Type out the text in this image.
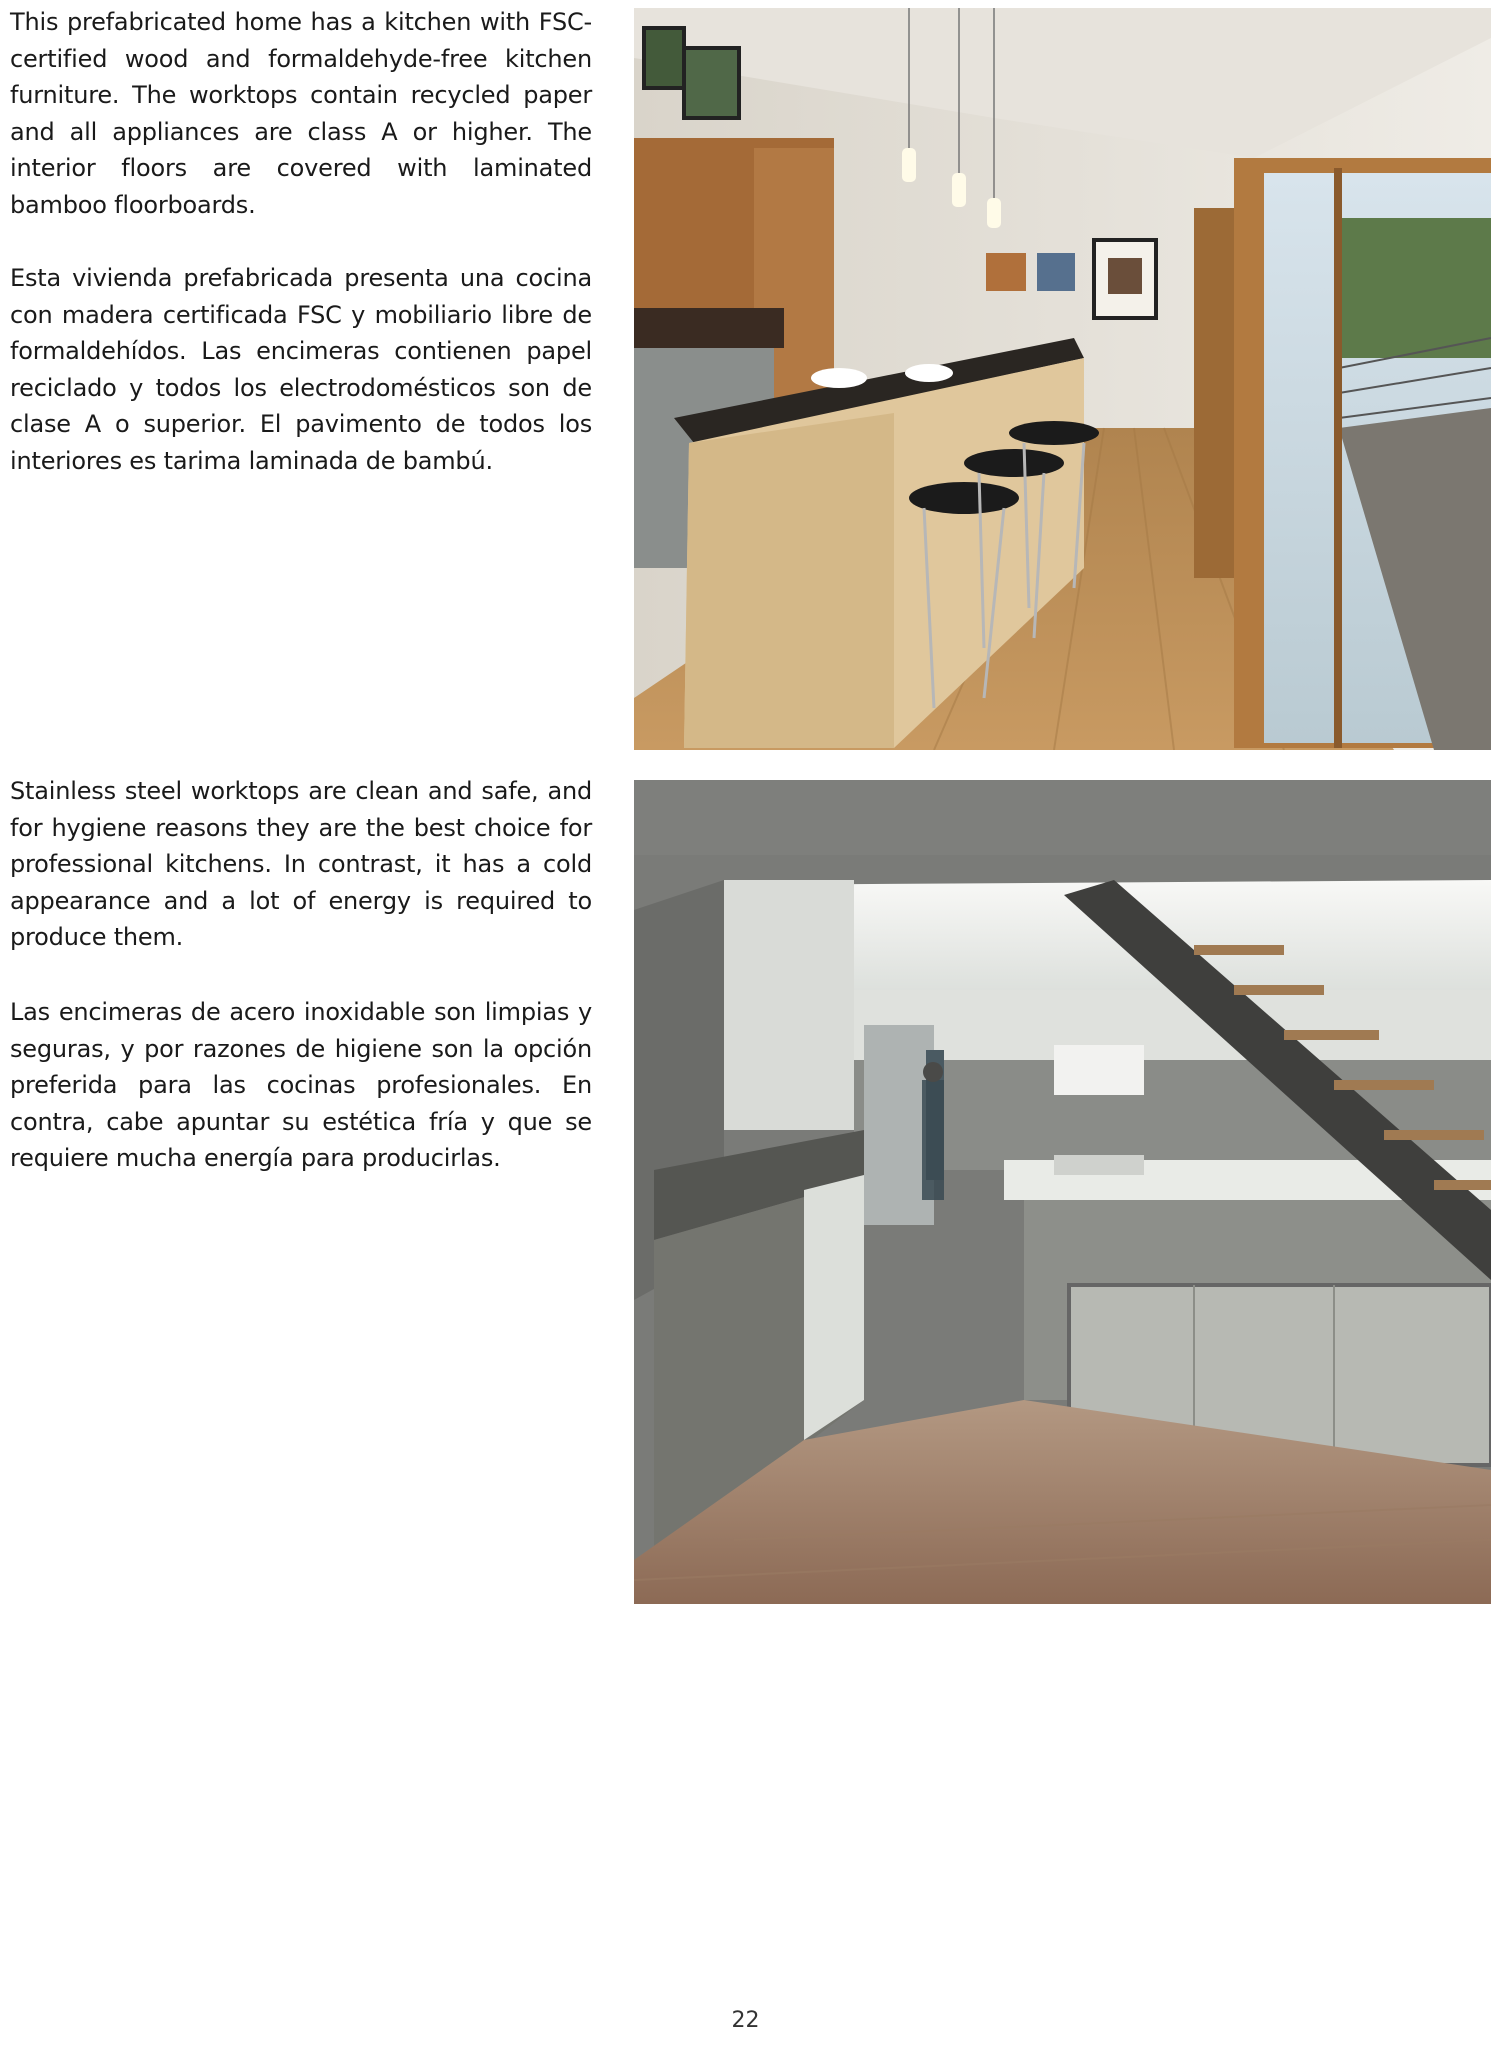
This prefabricated home has a kitchen with FSC-certified wood and formaldehyde-free kitchen furniture. The worktops contain recycled paper and all appliances are class A or higher. The interior floors are covered with laminated bamboo floorboards.

Esta vivienda prefabricada presenta una cocina con madera certificada FSC y mobiliario libre de formaldehídos. Las encimeras contienen papel reciclado y todos los electrodomésticos son de clase A o superior. El pavimento de todos los interiores es tarima laminada de bambú.

Stainless steel worktops are clean and safe, and for hygiene reasons they are the best choice for professional kitchens. In contrast, it has a cold appearance and a lot of energy is required to produce them.

Las encimeras de acero inoxidable son limpias y seguras, y por razones de higiene son la opción preferida para las cocinas profesionales. En contra, cabe apuntar su estética fría y que se requiere mucha energía para producirlas.

22
